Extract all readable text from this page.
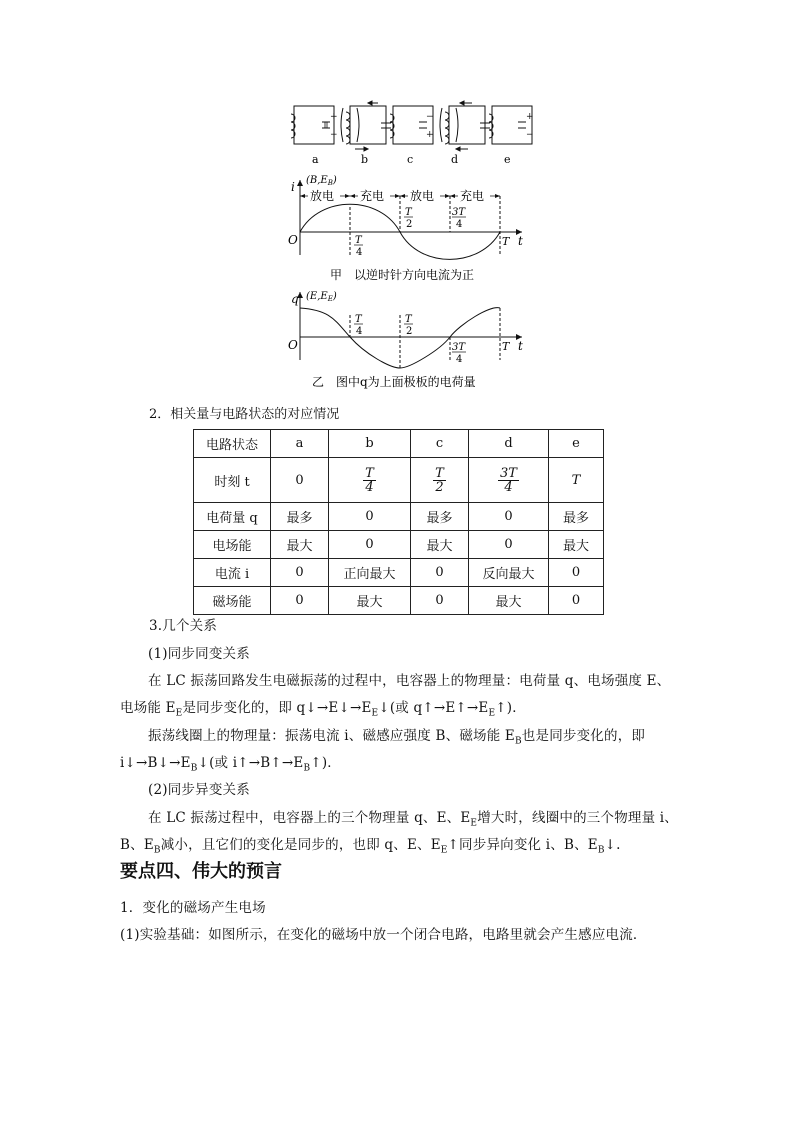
+
−
−
+
+
−
a	b	c	d	e
放电 充电 放电 充电
i $(B,E_B)$
O	t
T
T
4
T
2
3T
4
甲　以逆时针方向电流为正
q $(E,E_E)$
O	t
T
T
4
T
2
3T
4
乙　图中q为上面极板的电荷量
2．相关量与电路状态的对应情况
电路状态	a	b	c	d	e
时刻 t	0	$\frac{T}{4}$	$\frac{T}{2}$	$\frac{3T}{4}$	T
电荷量 q	最多	0	最多	0	最多
电场能	最大	0	最大	0	最大
电流 i	0	正向最大	0	反向最大	0
磁场能	0	最大	0	最大	0
3.几个关系
(1)同步同变关系
在 LC 振荡回路发生电磁振荡的过程中，电容器上的物理量：电荷量 q、电场强度 E、
电场能 $E_E$是同步变化的，即 $q↓\to E↓\to E_E↓$(或 $q↑\to E↑\to E_E↑$)．
振荡线圈上的物理量：振荡电流 i、磁感应强度 B、磁场能 $E_B$也是同步变化的，即
$i↓\to B↓\to E_B↓$(或 $i↑\to B↑\to E_B↑$)．
(2)同步异变关系
在 LC 振荡过程中，电容器上的三个物理量 q、E、$E_E$增大时，线圈中的三个物理量 i、
B、$E_B$减小，且它们的变化是同步的，也即 q、E、$E_E↑$同步异向变化 i、B、$E_B↓$.
要点四、伟大的预言
1．变化的磁场产生电场
(1)实验基础：如图所示，在变化的磁场中放一个闭合电路，电路里就会产生感应电流．
